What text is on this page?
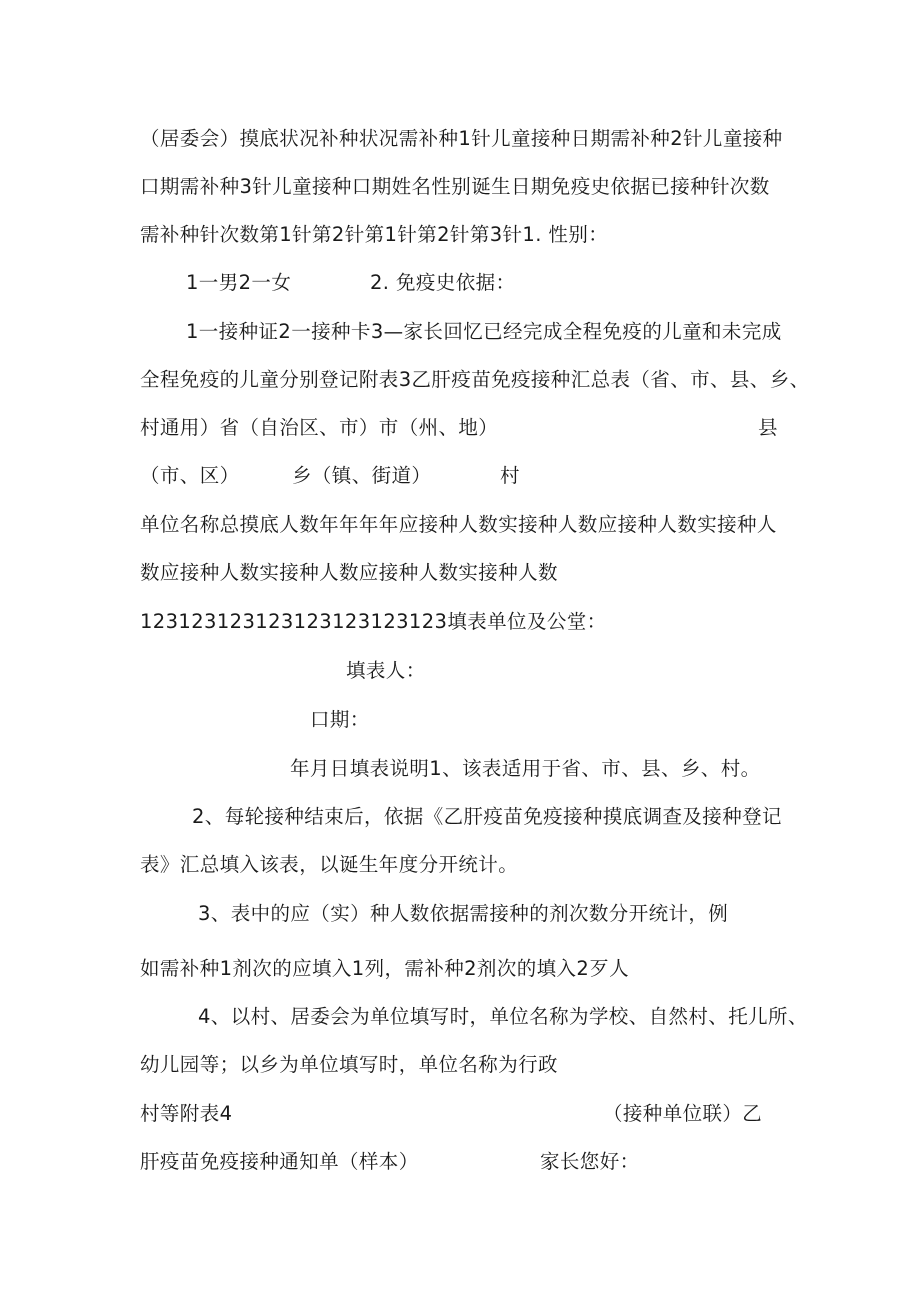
（居委会）摸底状况补种状况需补种1针儿童接种日期需补种2针儿童接种
口期需补种3针儿童接种口期姓名性别诞生日期免疫史依据已接种针次数
需补种针次数第1针第2针第1针第2针第3针1. 性别：
1一男2一女	2. 免疫史依据：
1一接种证2一接种卡3—家长回忆已经完成全程免疫的儿童和未完成
全程免疫的儿童分别登记附表3乙肝疫苗免疫接种汇总表（省、市、县、乡、
村通用）省（自治区、市）市（州、地）	县
（市、区）	乡（镇、街道）	村
单位名称总摸底人数年年年年应接种人数实接种人数应接种人数实接种人
数应接种人数实接种人数应接种人数实接种人数
123123123123123123123123填表单位及公堂：
填表人：
口期：
年月日填表说明1、该表适用于省、市、县、乡、村。
2、每轮接种结束后，依据《乙肝疫苗免疫接种摸底调查及接种登记
表》汇总填入该表，以诞生年度分开统计。
3、表中的应（实）种人数依据需接种的剂次数分开统计，例
如需补种1剂次的应填入1列，需补种2剂次的填入2歹人
4、以村、居委会为单位填写时，单位名称为学校、自然村、托儿所、
幼儿园等；以乡为单位填写时，单位名称为行政
村等附表4	（接种单位联）乙
肝疫苗免疫接种通知单（样本）	家长您好：
